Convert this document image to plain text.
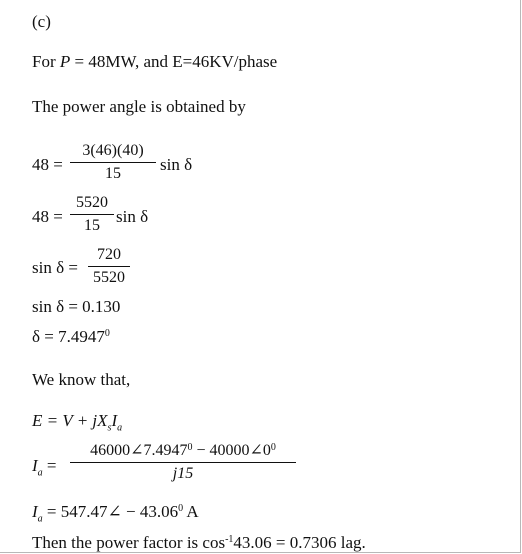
(c)
For P = 48MW, and E=46KV/phase
The power angle is obtained by
48 =
3(46)(40)
15	sin δ
48 =
5520
15 sin δ
sin δ =
720
5520
sin δ = 0.130
$\delta = 7.4947^0$
We know that,
$E = V + jX_sI_a$
$I_a$ =
$46000\angle 7.4947^0$ − $40000\angle 0^0$
j15
$I_a$ = 547.47∠ − $43.06^0$ A
Then the power factor is $\cos^{-1}43.06 = 0.7306$ lag.
